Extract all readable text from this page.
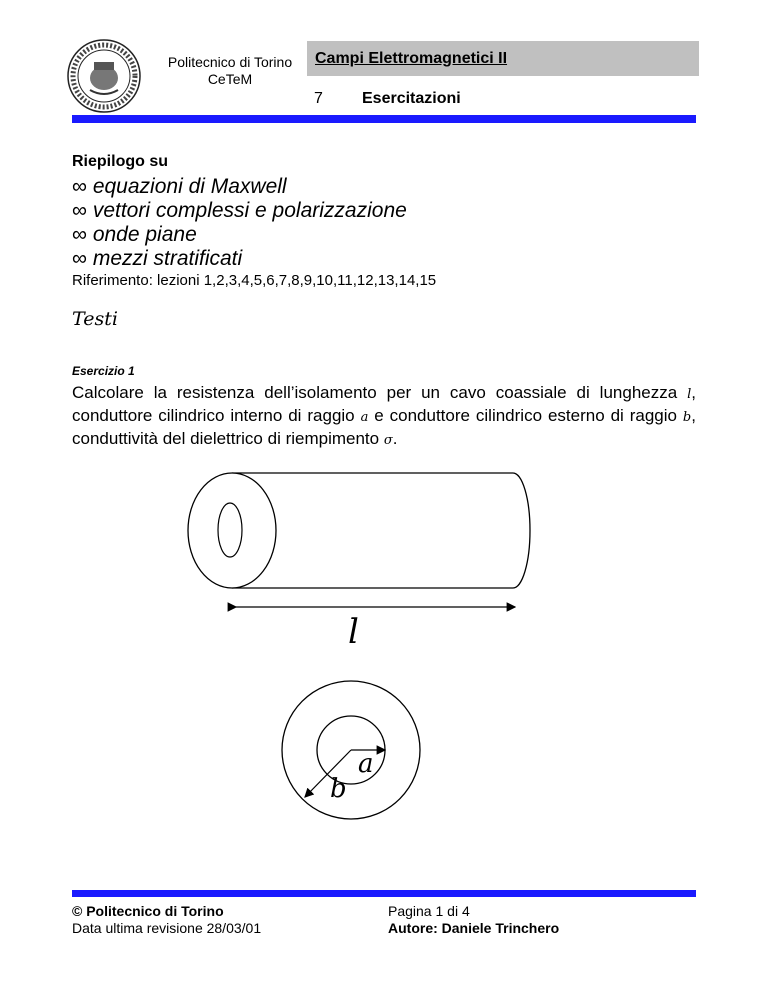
Politecnico di Torino
CeTeM
Campi Elettromagnetici II
7 Esercitazioni
Riepilogo su
∞ equazioni di Maxwell
∞ vettori complessi e polarizzazione
∞ onde piane
∞ mezzi stratificati
Riferimento: lezioni 1,2,3,4,5,6,7,8,9,10,11,12,13,14,15
Testi
Esercizio 1
Calcolare la resistenza dell’isolamento per un cavo coassiale di lunghezza l, conduttore cilindrico interno di raggio a e conduttore cilindrico esterno di raggio b, conduttività del dielettrico di riempimento σ.
l
a
b
© Politecnico di Torino
Data ultima revisione 28/03/01
Pagina 1 di 4
Autore: Daniele Trinchero
